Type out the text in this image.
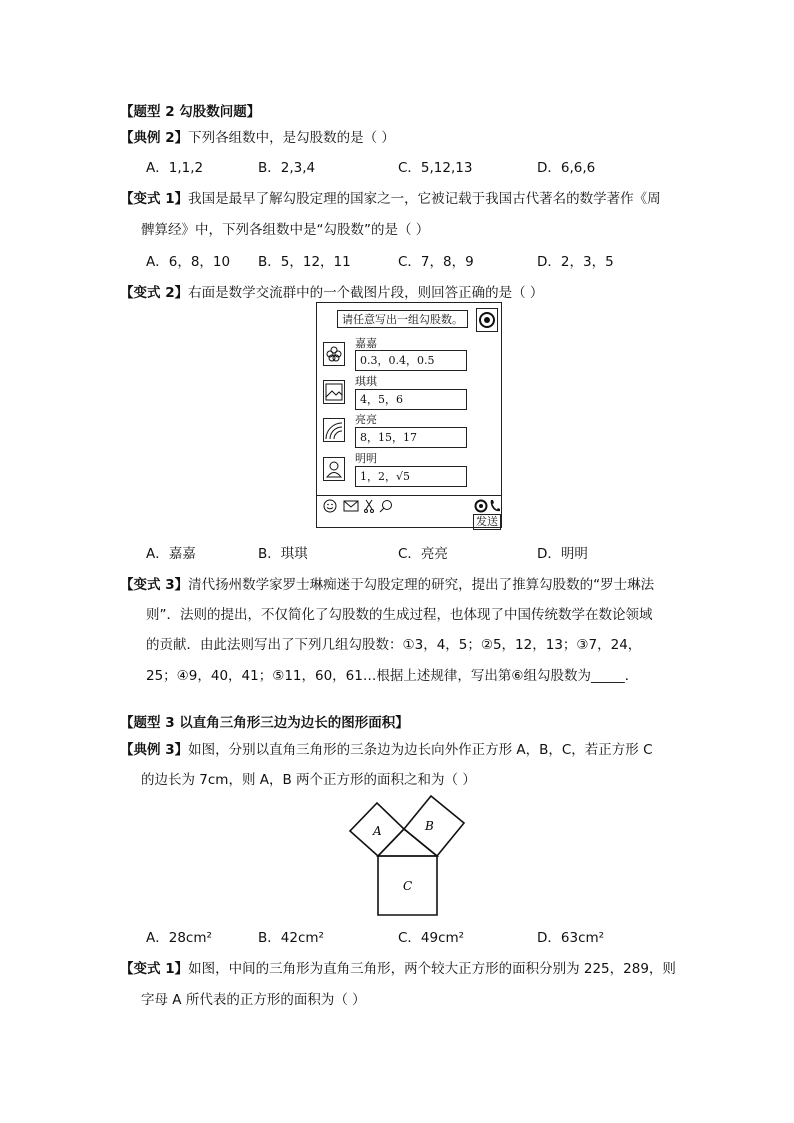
【题型 2 勾股数问题】
【典例 2】下列各组数中，是勾股数的是（ ）
A．1,1,2	B．2,3,4	C．5,12,13	D．6,6,6
【变式 1】我国是最早了解勾股定理的国家之一，它被记载于我国古代著名的数学著作《周
髀算经》中，下列各组数中是“勾股数”的是（ ）
A．6，8，10 B．5，12，11	C．7，8，9	D．2，3，5
【变式 2】右面是数学交流群中的一个截图片段，则回答正确的是（ ）
请任意写出一组勾股数。
嘉嘉
0.3，0.4，0.5
琪琪
4，5，6
亮亮
8，15，17
明明
1，2，√5
发送
A．嘉嘉	B．琪琪	C．亮亮	D．明明
【变式 3】清代扬州数学家罗士琳痴迷于勾股定理的研究，提出了推算勾股数的“罗士琳法
则”．法则的提出，不仅简化了勾股数的生成过程，也体现了中国传统数学在数论领域
的贡献．由此法则写出了下列几组勾股数：①3，4，5；②5，12，13；③7，24，
25；④9，40，41；⑤11，60，61…根据上述规律，写出第⑥组勾股数为_____．
【题型 3 以直角三角形三边为边长的图形面积】
【典例 3】如图，分别以直角三角形的三条边为边长向外作正方形 A，B，C，若正方形 C
的边长为 7cm，则 A，B 两个正方形的面积之和为（ ）
A	B
C
A．28cm²	B．42cm²	C．49cm²	D．63cm²
【变式 1】如图，中间的三角形为直角三角形，两个较大正方形的面积分别为 225，289，则
字母 A 所代表的正方形的面积为（ ）
